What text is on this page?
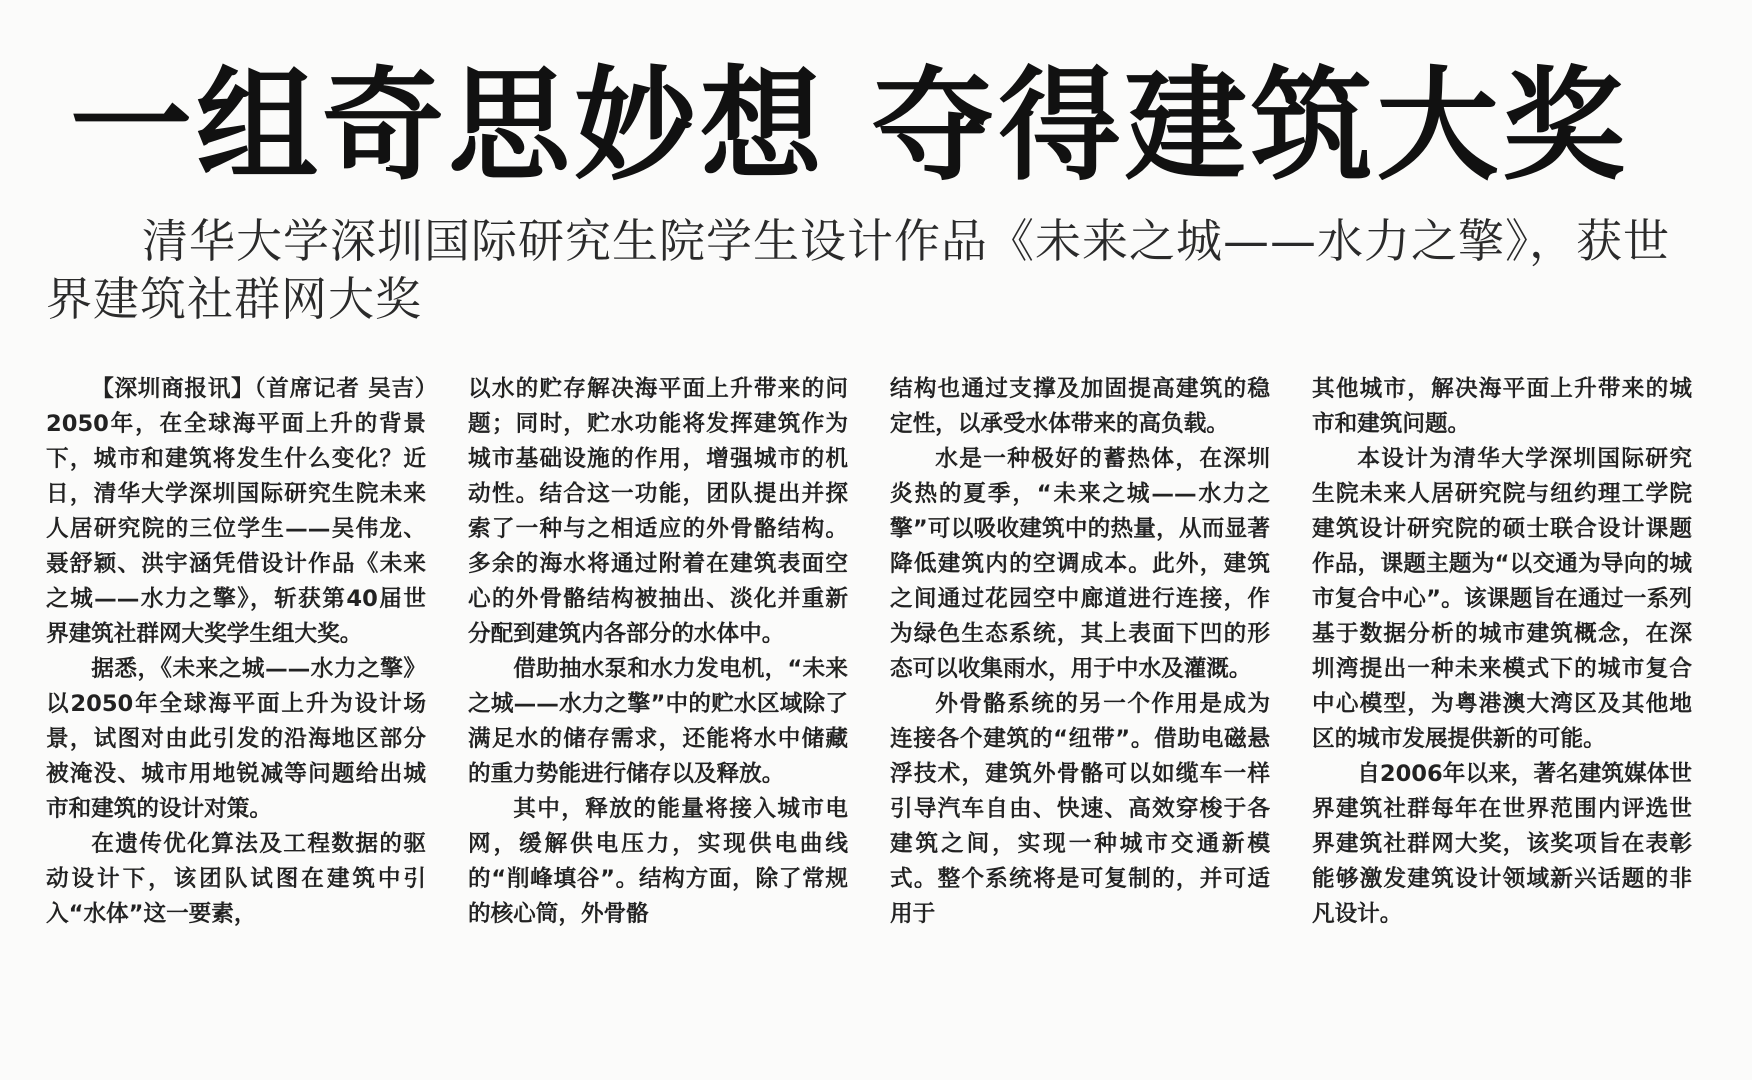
一组奇思妙想 夺得建筑大奖

清华大学深圳国际研究生院学生设计作品《未来之城——水力之擎》，获世界建筑社群网大奖

【深圳商报讯】（首席记者 吴吉）2050年，在全球海平面上升的背景下，城市和建筑将发生什么变化？近日，清华大学深圳国际研究生院未来人居研究院的三位学生——吴伟龙、聂舒颖、洪宇涵凭借设计作品《未来之城——水力之擎》，斩获第40届世界建筑社群网大奖学生组大奖。

据悉，《未来之城——水力之擎》以2050年全球海平面上升为设计场景，试图对由此引发的沿海地区部分被淹没、城市用地锐减等问题给出城市和建筑的设计对策。

在遗传优化算法及工程数据的驱动设计下，该团队试图在建筑中引入“水体”这一要素，

以水的贮存解决海平面上升带来的问题；同时，贮水功能将发挥建筑作为城市基础设施的作用，增强城市的机动性。结合这一功能，团队提出并探索了一种与之相适应的外骨骼结构。多余的海水将通过附着在建筑表面空心的外骨骼结构被抽出、淡化并重新分配到建筑内各部分的水体中。

借助抽水泵和水力发电机，“未来之城——水力之擎”中的贮水区域除了满足水的储存需求，还能将水中储藏的重力势能进行储存以及释放。

其中，释放的能量将接入城市电网，缓解供电压力，实现供电曲线的“削峰填谷”。结构方面，除了常规的核心筒，外骨骼

结构也通过支撑及加固提高建筑的稳定性，以承受水体带来的高负载。

水是一种极好的蓄热体，在深圳炎热的夏季，“未来之城——水力之擎”可以吸收建筑中的热量，从而显著降低建筑内的空调成本。此外，建筑之间通过花园空中廊道进行连接，作为绿色生态系统，其上表面下凹的形态可以收集雨水，用于中水及灌溉。

外骨骼系统的另一个作用是成为连接各个建筑的“纽带”。借助电磁悬浮技术，建筑外骨骼可以如缆车一样引导汽车自由、快速、高效穿梭于各建筑之间，实现一种城市交通新模式。整个系统将是可复制的，并可适用于

其他城市，解决海平面上升带来的城市和建筑问题。

本设计为清华大学深圳国际研究生院未来人居研究院与纽约理工学院建筑设计研究院的硕士联合设计课题作品，课题主题为“以交通为导向的城市复合中心”。该课题旨在通过一系列基于数据分析的城市建筑概念，在深圳湾提出一种未来模式下的城市复合中心模型，为粤港澳大湾区及其他地区的城市发展提供新的可能。

自2006年以来，著名建筑媒体世界建筑社群每年在世界范围内评选世界建筑社群网大奖，该奖项旨在表彰能够激发建筑设计领域新兴话题的非凡设计。
